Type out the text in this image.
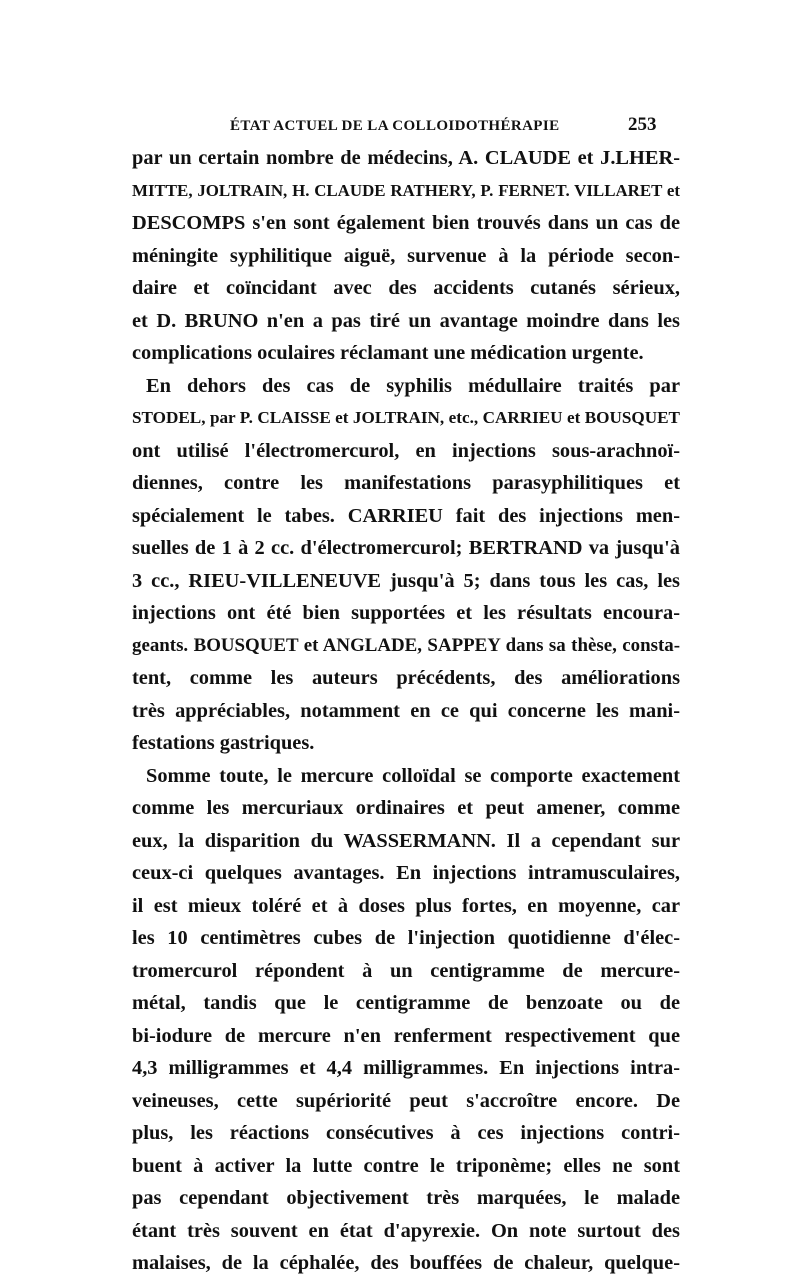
ÉTAT ACTUEL DE LA COLLOIDOTHÉRAPIE	253
par un certain nombre de médecins, A. CLAUDE et J.LHER-
MITTE, JOLTRAIN, H. CLAUDE RATHERY, P. FERNET. VILLARET et
DESCOMPS s'en sont également bien trouvés dans un cas de
méningite syphilitique aiguë, survenue à la période secon-
daire et coïncidant avec des accidents cutanés sérieux,
et D. BRUNO n'en a pas tiré un avantage moindre dans les
complications oculaires réclamant une médication urgente.
En dehors des cas de syphilis médullaire traités par
STODEL, par P. CLAISSE et JOLTRAIN, etc., CARRIEU et BOUSQUET
ont utilisé l'électromercurol, en injections sous-arachnoï-
diennes, contre les manifestations parasyphilitiques et
spécialement le tabes. CARRIEU fait des injections men-
suelles de 1 à 2 cc. d'électromercurol; BERTRAND va jusqu'à
3 cc., RIEU-VILLENEUVE jusqu'à 5; dans tous les cas, les
injections ont été bien supportées et les résultats encoura-
geants. BOUSQUET et ANGLADE, SAPPEY dans sa thèse, consta-
tent, comme les auteurs précédents, des améliorations
très appréciables, notamment en ce qui concerne les mani-
festations gastriques.
Somme toute, le mercure colloïdal se comporte exactement
comme les mercuriaux ordinaires et peut amener, comme
eux, la disparition du WASSERMANN. Il a cependant sur
ceux-ci quelques avantages. En injections intramusculaires,
il est mieux toléré et à doses plus fortes, en moyenne, car
les 10 centimètres cubes de l'injection quotidienne d'élec-
tromercurol répondent à un centigramme de mercure-
métal, tandis que le centigramme de benzoate ou de
bi-iodure de mercure n'en renferment respectivement que
4,3 milligrammes et 4,4 milligrammes. En injections intra-
veineuses, cette supériorité peut s'accroître encore. De
plus, les réactions consécutives à ces injections contri-
buent à activer la lutte contre le triponème; elles ne sont
pas cependant objectivement très marquées, le malade
étant très souvent en état d'apyrexie. On note surtout des
malaises, de la céphalée, des bouffées de chaleur, quelque-
